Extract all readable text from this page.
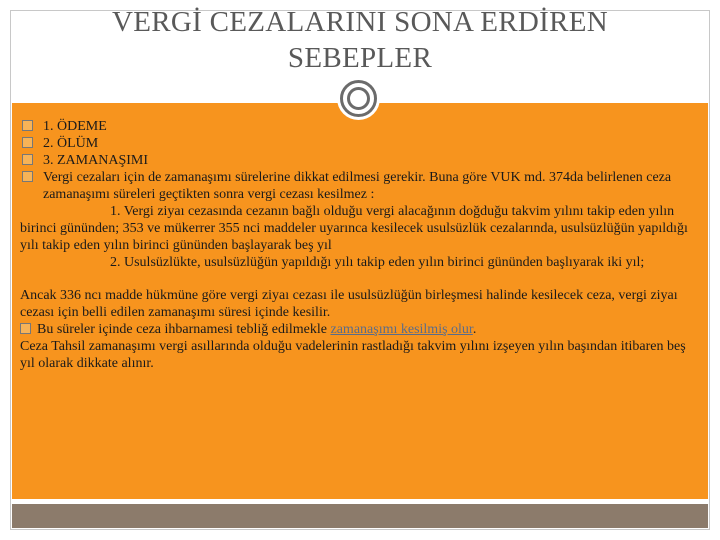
VERGİ CEZALARINI SONA ERDİREN
SEBEPLER
1. ÖDEME
2. ÖLÜM
3. ZAMANAŞIMI
Vergi cezaları için de zamanaşımı sürelerine dikkat edilmesi gerekir. Buna göre VUK md. 374da belirlenen ceza zamanaşımı süreleri geçtikten sonra vergi cezası kesilmez :
1. Vergi ziyaı cezasında cezanın bağlı olduğu vergi alacağının doğduğu takvim yılını takip eden yılın birinci gününden; 353 ve mükerrer 355 nci maddeler uyarınca kesilecek usulsüzlük cezalarında, usulsüzlüğün yapıldığı yılı takip eden yılın birinci gününden başlayarak beş yıl
2. Usulsüzlükte, usulsüzlüğün yapıldığı yılı takip eden yılın birinci gününden başlıyarak iki yıl;
Ancak 336 ncı madde hükmüne göre vergi ziyaı cezası ile usulsüzlüğün birleşmesi halinde kesilecek ceza, vergi ziyaı cezası için belli edilen zamanaşımı süresi içinde kesilir.
Bu süreler içinde ceza ihbarnamesi tebliğ edilmekle zamanaşımı kesilmiş olur.
Ceza Tahsil zamanaşımı vergi asıllarında olduğu vadelerinin rastladığı takvim yılını izşeyen yılın başından itibaren beş yıl olarak dikkate alınır.
